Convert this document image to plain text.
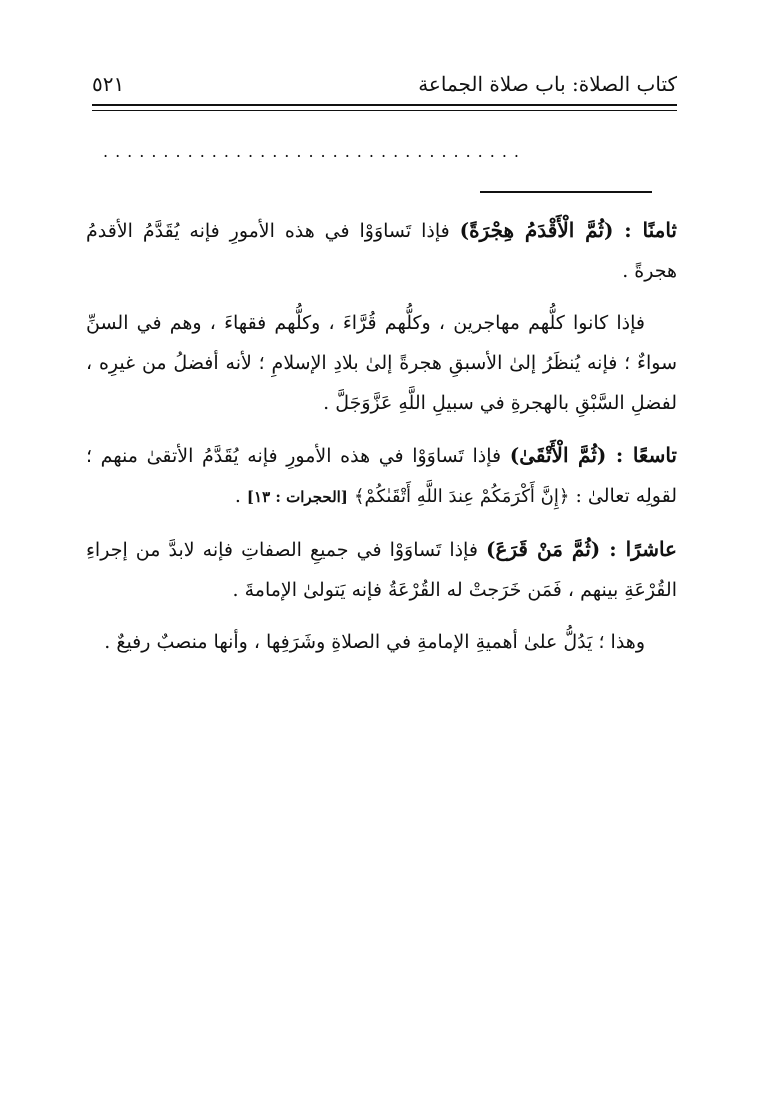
كتاب الصلاة: باب صلاة الجماعة
٥٢١
...................................

ثامنًا : (ثُمَّ الْأَقْدَمُ هِجْرَةً) فإذا تَساوَوْا في هذه الأمورِ فإنه يُقَدَّمُ الأقدمُ هجرةً .

فإذا كانوا كلُّهم مهاجرين ، وكلُّهم قُرَّاءَ ، وكلُّهم فقهاءَ ، وهم في السنِّ سواءٌ ؛ فإنه يُنظَرُ إلىٰ الأسبقِ هجرةً إلىٰ بلادِ الإسلامِ ؛ لأنه أفضلُ من غيرِه ، لفضلِ السَّبْقِ بالهجرةِ في سبيلِ اللَّهِ عَزَّوَجَلَّ .

تاسعًا : (ثُمَّ الْأَتْقَىٰ) فإذا تَساوَوْا في هذه الأمورِ فإنه يُقَدَّمُ الأتقىٰ منهم ؛ لقولِه تعالىٰ : ﴿إِنَّ أَكْرَمَكُمْ عِندَ اللَّهِ أَتْقَىٰكُمْ﴾ [الحجرات : ١٣] .

عاشرًا : (ثُمَّ مَنْ قَرَعَ) فإذا تَساوَوْا في جميعِ الصفاتِ فإنه لابدَّ من إجراءِ القُرْعَةِ بينهم ، فَمَن خَرَجتْ له القُرْعَةُ فإنه يَتولىٰ الإمامةَ .

وهذا ؛ يَدُلُّ علىٰ أهميةِ الإمامةِ في الصلاةِ وشَرَفِها ، وأنها منصبٌ رفيعٌ .
